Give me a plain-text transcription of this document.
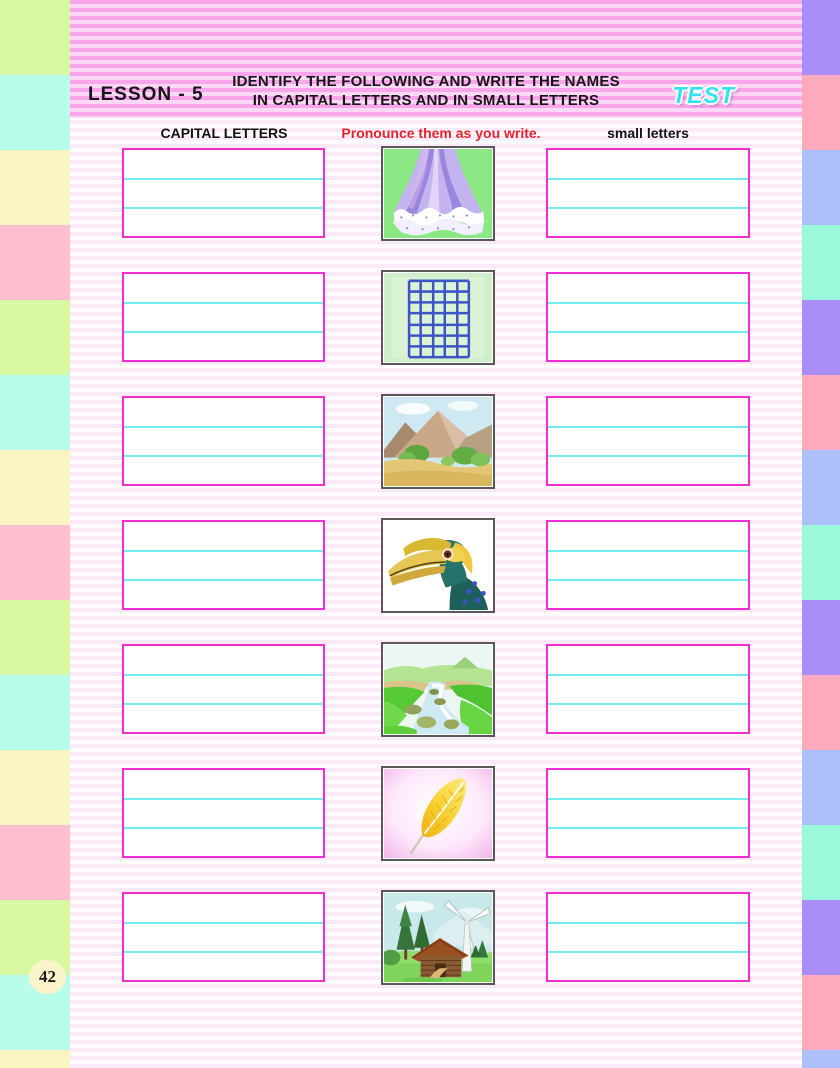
LESSON - 5
IDENTIFY THE FOLLOWING AND WRITE THE NAMES
IN CAPITAL LETTERS AND IN SMALL LETTERS	TEST
CAPITAL LETTERS	Pronounce them as you write.	small letters
42
